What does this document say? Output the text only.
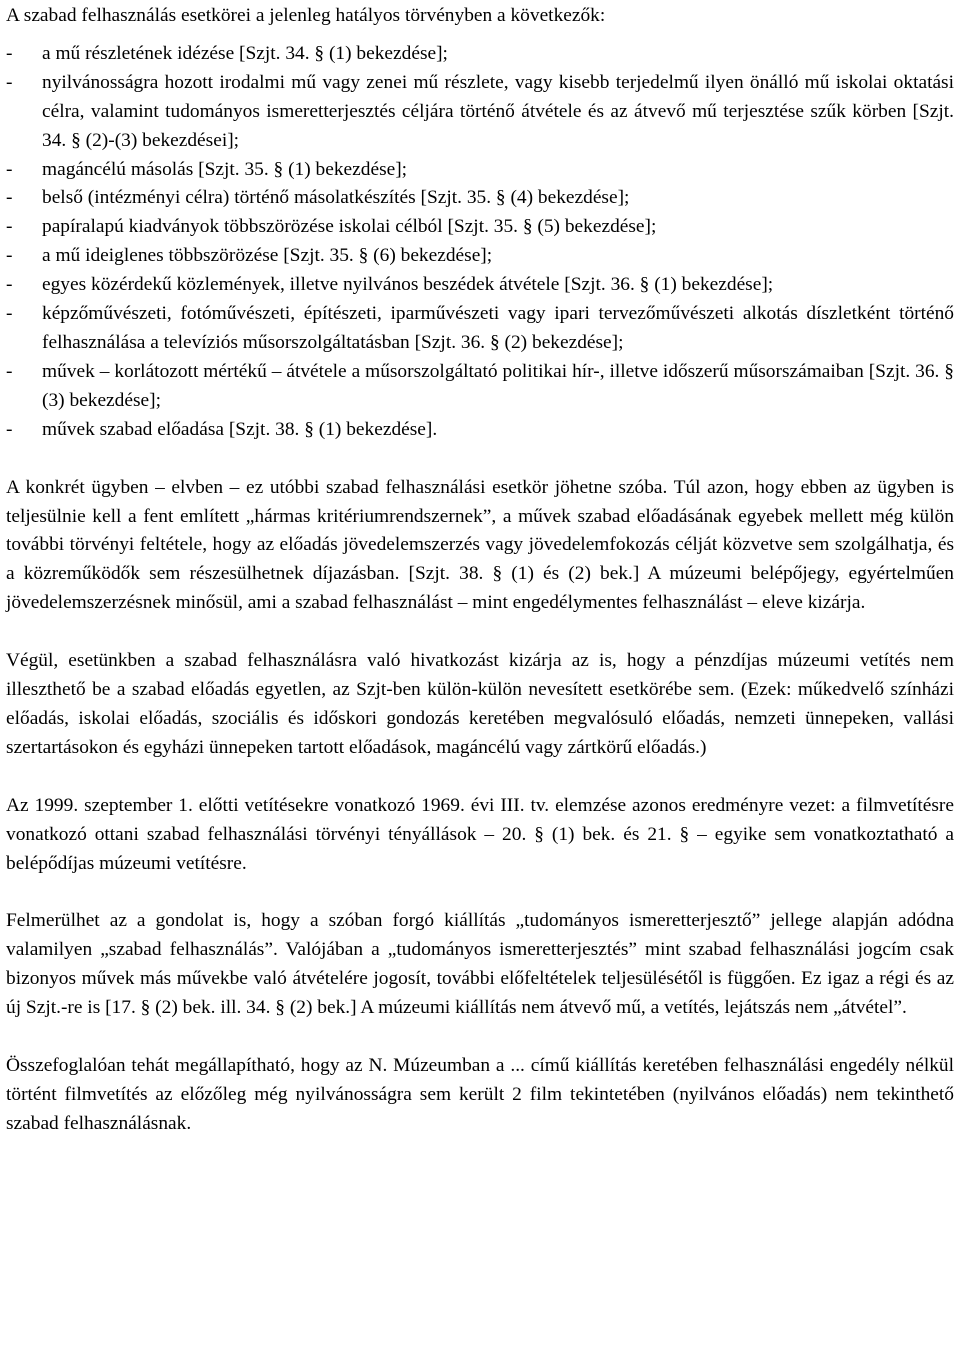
A szabad felhasználás esetkörei a jelenleg hatályos törvényben a következők:

- a mű részletének idézése [Szjt. 34. § (1) bekezdése];
- nyilvánosságra hozott irodalmi mű vagy zenei mű részlete, vagy kisebb terjedelmű ilyen önálló mű iskolai oktatási célra, valamint tudományos ismeretterjesztés céljára történő átvétele és az átvevő mű terjesztése szűk körben [Szjt. 34. § (2)-(3) bekezdései];
- magáncélú másolás [Szjt. 35. § (1) bekezdése];
- belső (intézményi célra) történő másolatkészítés [Szjt. 35. § (4) bekezdése];
- papíralapú kiadványok többszörözése iskolai célból [Szjt. 35. § (5) bekezdése];
- a mű ideiglenes többszörözése [Szjt. 35. § (6) bekezdése];
- egyes közérdekű közlemények, illetve nyilvános beszédek átvétele [Szjt. 36. § (1) bekezdése];
- képzőművészeti, fotóművészeti, építészeti, iparművészeti vagy ipari tervezőművészeti alkotás díszletként történő felhasználása a televíziós műsorszolgáltatásban [Szjt. 36. § (2) bekezdése];
- művek – korlátozott mértékű – átvétele a műsorszolgáltató politikai hír-, illetve időszerű műsorszámaiban [Szjt. 36. § (3) bekezdése];
- művek szabad előadása [Szjt. 38. § (1) bekezdése].

A konkrét ügyben – elvben – ez utóbbi szabad felhasználási esetkör jöhetne szóba. Túl azon, hogy ebben az ügyben is teljesülnie kell a fent említett „hármas kritériumrendszernek”, a művek szabad előadásának egyebek mellett még külön további törvényi feltétele, hogy az előadás jövedelemszerzés vagy jövedelemfokozás célját közvetve sem szolgálhatja, és a közreműködők sem részesülhetnek díjazásban. [Szjt. 38. § (1) és (2) bek.] A múzeumi belépőjegy, egyértelműen jövedelemszerzésnek minősül, ami a szabad felhasználást – mint engedélymentes felhasználást – eleve kizárja.

Végül, esetünkben a szabad felhasználásra való hivatkozást kizárja az is, hogy a pénzdíjas múzeumi vetítés nem illeszthető be a szabad előadás egyetlen, az Szjt-ben külön-külön nevesített esetkörébe sem. (Ezek: műkedvelő színházi előadás, iskolai előadás, szociális és időskori gondozás keretében megvalósuló előadás, nemzeti ünnepeken, vallási szertartásokon és egyházi ünnepeken tartott előadások, magáncélú vagy zártkörű előadás.)

Az 1999. szeptember 1. előtti vetítésekre vonatkozó 1969. évi III. tv. elemzése azonos eredményre vezet: a filmvetítésre vonatkozó ottani szabad felhasználási törvényi tényállások – 20. § (1) bek. és 21. § – egyike sem vonatkoztatható a belépődíjas múzeumi vetítésre.

Felmerülhet az a gondolat is, hogy a szóban forgó kiállítás „tudományos ismeretterjesztő” jellege alapján adódna valamilyen „szabad felhasználás”. Valójában a „tudományos ismeretterjesztés” mint szabad felhasználási jogcím csak bizonyos művek más művekbe való átvételére jogosít, további előfeltételek teljesülésétől is függően. Ez igaz a régi és az új Szjt.-re is [17. § (2) bek. ill. 34. § (2) bek.] A múzeumi kiállítás nem átvevő mű, a vetítés, lejátszás nem „átvétel”.

Összefoglalóan tehát megállapítható, hogy az N. Múzeumban a ... című kiállítás keretében felhasználási engedély nélkül történt filmvetítés az előzőleg még nyilvánosságra sem került 2 film tekintetében (nyilvános előadás) nem tekinthető szabad felhasználásnak.
